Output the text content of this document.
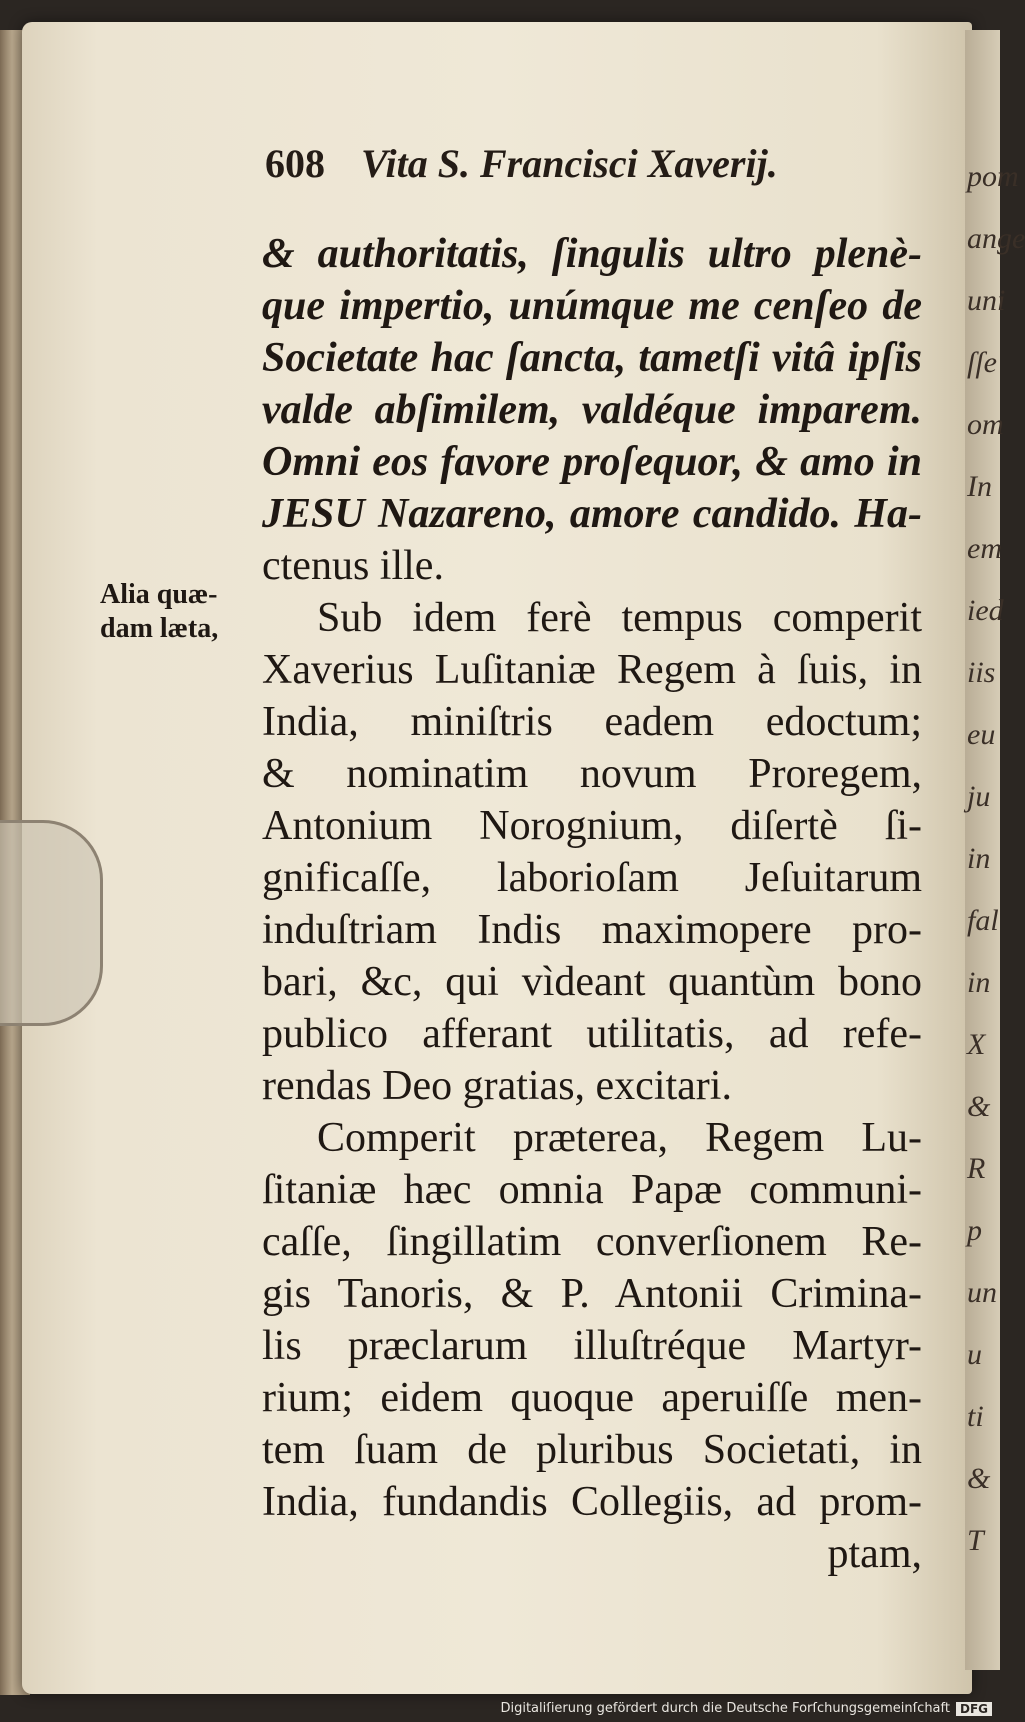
pom
ange
uni
ſſe
om
In
em
ied
iis
eu
ju
in
fal
in
X
&
R
p
un
u
ti
&
T
608 Vita S. Francisci Xaverij.
Alia quæ-
dam læta,
& authoritatis, ſingulis ultro plenè-
que impertio, unúmque me cenſeo de
Societate hac ſancta, tametſi vitâ ipſis
valde abſimilem, valdéque imparem.
Omni eos favore proſequor, & amo in
JESU Nazareno, amore candido. Ha-
ctenus ille.
Sub idem ferè tempus comperit
Xaverius Luſitaniæ Regem à ſuis, in
India, miniſtris eadem edoctum;
& nominatim novum Proregem,
Antonium Norognium, diſertè ſi-
gnificaſſe, laborioſam Jeſuitarum
induſtriam Indis maximopere pro-
bari, &c, qui vìdeant quantùm bono
publico afferant utilitatis, ad refe-
rendas Deo gratias, excitari.
Comperit præterea, Regem Lu-
ſitaniæ hæc omnia Papæ communi-
caſſe, ſingillatim converſionem Re-
gis Tanoris, & P. Antonii Crimina-
lis præclarum illuſtréque Martyr-
rium; eidem quoque aperuiſſe men-
tem ſuam de pluribus Societati, in
India, fundandis Collegiis, ad prom-
ptam,
Digitaliſierung gefördert durch die Deutsche Forſchungsgemeinſchaft DFG
